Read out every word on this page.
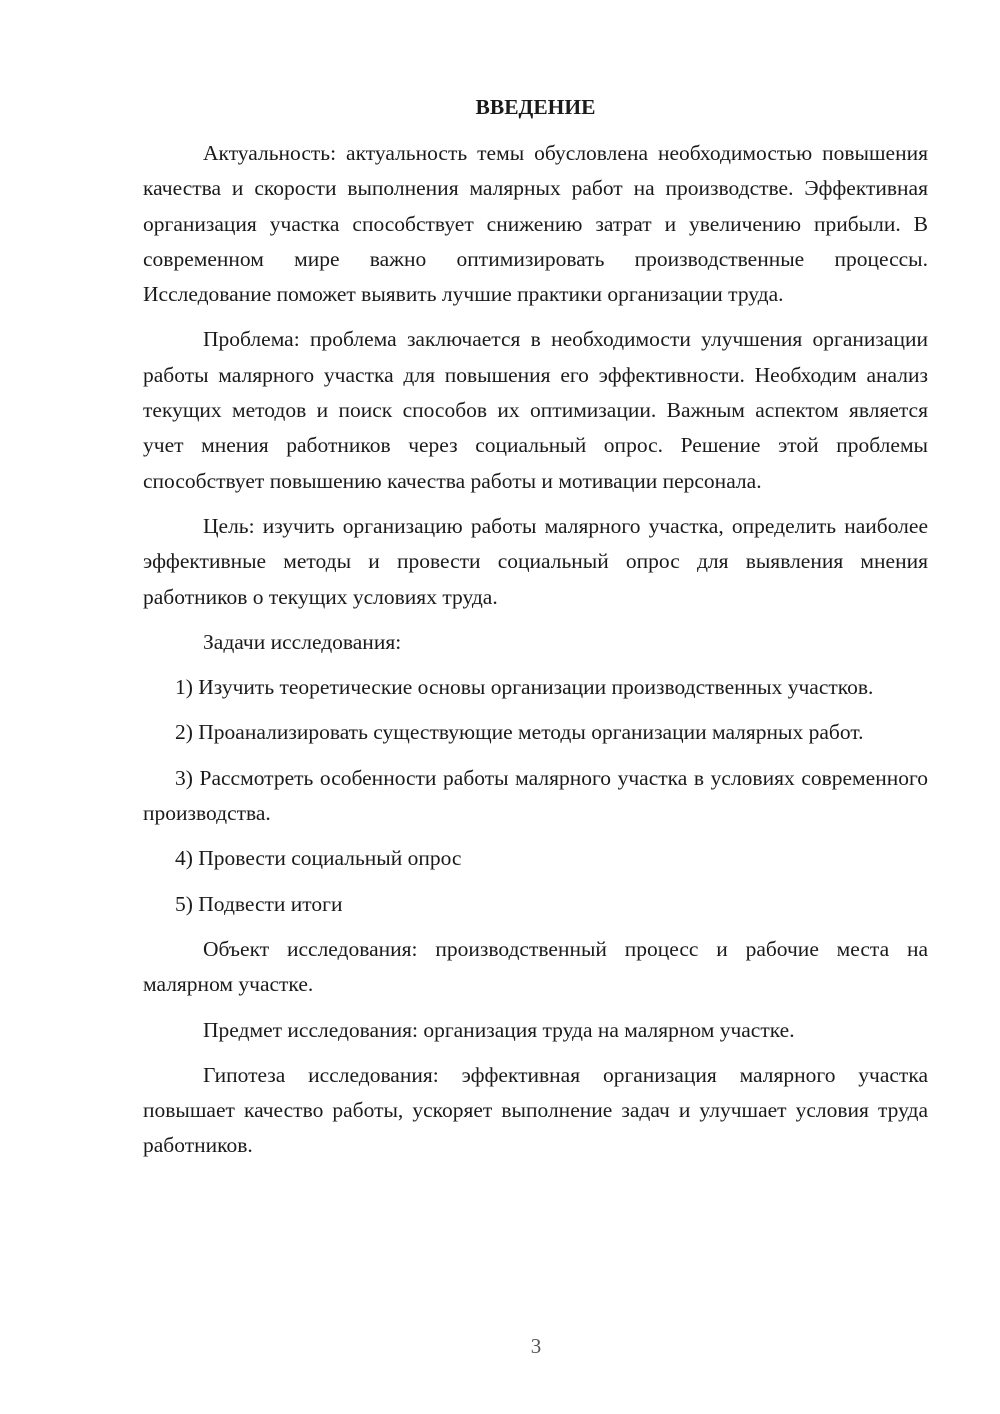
ВВЕДЕНИЕ

Актуальность: актуальность темы обусловлена необходимостью повышения качества и скорости выполнения малярных работ на производстве. Эффективная организация участка способствует снижению затрат и увеличению прибыли. В современном мире важно оптимизировать производственные процессы. Исследование поможет выявить лучшие практики организации труда.

Проблема: проблема заключается в необходимости улучшения организации работы малярного участка для повышения его эффективности. Необходим анализ текущих методов и поиск способов их оптимизации. Важным аспектом является учет мнения работников через социальный опрос. Решение этой проблемы способствует повышению качества работы и мотивации персонала.

Цель: изучить организацию работы малярного участка, определить наиболее эффективные методы и провести социальный опрос для выявления мнения работников о текущих условиях труда.

Задачи исследования:

1) Изучить теоретические основы организации производственных участков.

2) Проанализировать существующие методы организации малярных работ.

3) Рассмотреть особенности работы малярного участка в условиях современного производства.

4) Провести социальный опрос

5) Подвести итоги

Объект исследования: производственный процесс и рабочие места на малярном участке.

Предмет исследования: организация труда на малярном участке.

Гипотеза исследования: эффективная организация малярного участка повышает качество работы, ускоряет выполнение задач и улучшает условия труда работников.

3
